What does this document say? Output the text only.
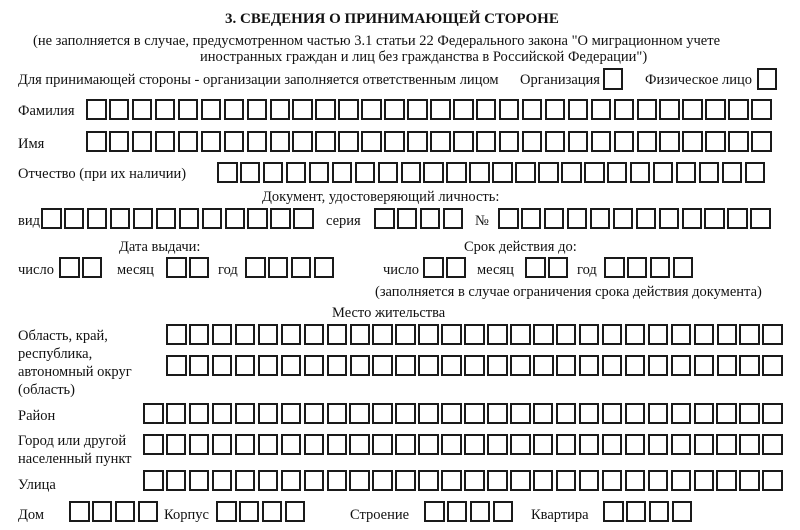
3. СВЕДЕНИЯ О ПРИНИМАЮЩЕЙ СТОРОНЕ
(не заполняется в случае, предусмотренном частью 3.1 статьи 22 Федерального закона "О миграционном учете
иностранных граждан и лиц без гражданства в Российской Федерации")
Для принимающей стороны - организации заполняется ответственным лицом Организация	Физическое лицо
Фамилия
Имя
Отчество (при их наличии)
Документ, удостоверяющий личность:
вид	серия	№
Дата выдачи:	Срок действия до:
число	месяц	год	число	месяц	год
(заполняется в случае ограничения срока действия документа)
Место жительства
Область, край,
республика,
автономный округ
(область)
Район
Город или другой
населенный пункт
Улица
Дом	Корпус	Строение	Квартира
